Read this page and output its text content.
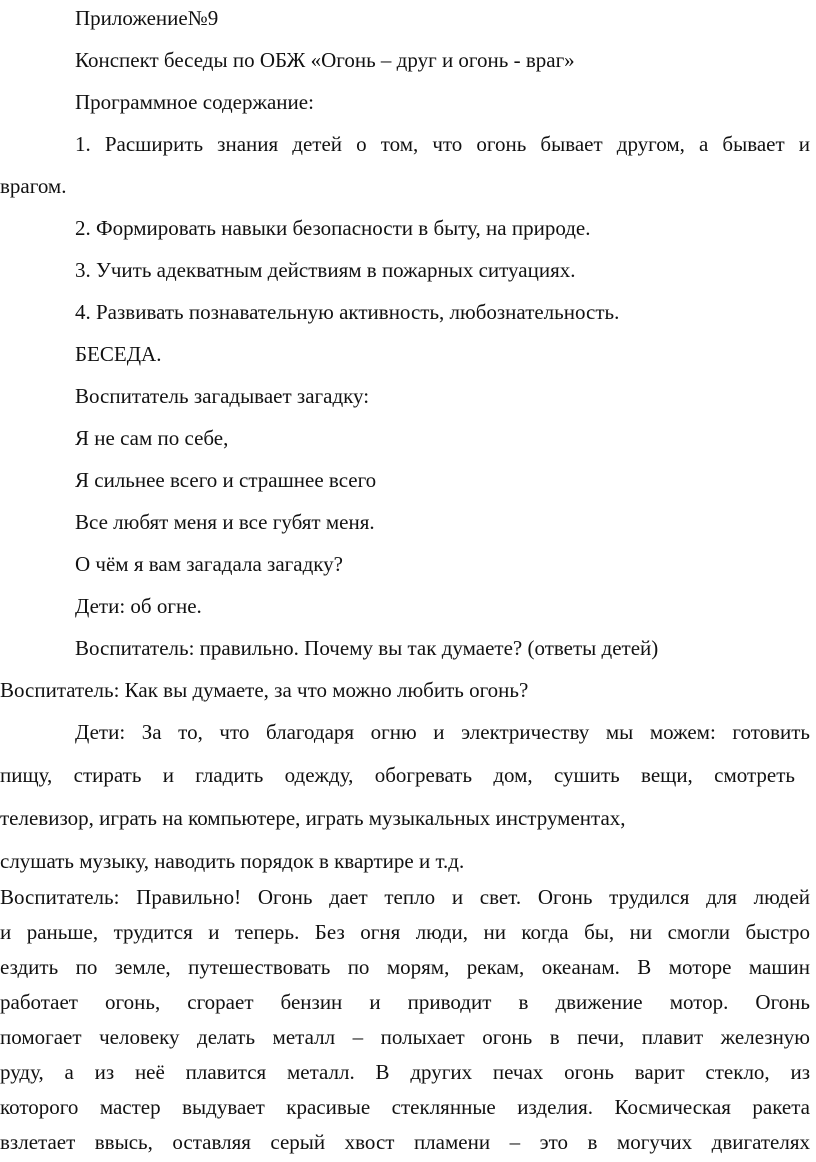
Приложение№9
Конспект беседы по ОБЖ «Огонь – друг и огонь - враг»
Программное содержание:
1. Расширить знания детей о том, что огонь бывает другом, а бывает и
врагом.
2. Формировать навыки безопасности в быту, на природе.
3. Учить адекватным действиям в пожарных ситуациях.
4. Развивать познавательную активность, любознательность.
БЕСЕДА.
Воспитатель загадывает загадку:
Я не сам по себе,
Я сильнее всего и страшнее всего
Все любят меня и все губят меня.
О чём я вам загадала загадку?
Дети: об огне.
Воспитатель: правильно. Почему вы так думаете? (ответы детей)
Воспитатель: Как вы думаете, за что можно любить огонь?
Дети: За то, что благодаря огню и электричеству мы можем: готовить
пищу, стирать и гладить одежду, обогревать дом, сушить вещи, смотреть
телевизор, играть на компьютере, играть музыкальных инструментах,
слушать музыку, наводить порядок в квартире и т.д.
Воспитатель: Правильно! Огонь дает тепло и свет. Огонь трудился для людей
и раньше, трудится и теперь. Без огня люди, ни когда бы, ни смогли быстро
ездить по земле, путешествовать по морям, рекам, океанам. В моторе машин
работает огонь, сгорает бензин и приводит в движение мотор. Огонь
помогает человеку делать металл – полыхает огонь в печи, плавит железную
руду, а из неё плавится металл. В других печах огонь варит стекло, из
которого мастер выдувает красивые стеклянные изделия. Космическая ракета
взлетает ввысь, оставляя серый хвост пламени – это в могучих двигателях
